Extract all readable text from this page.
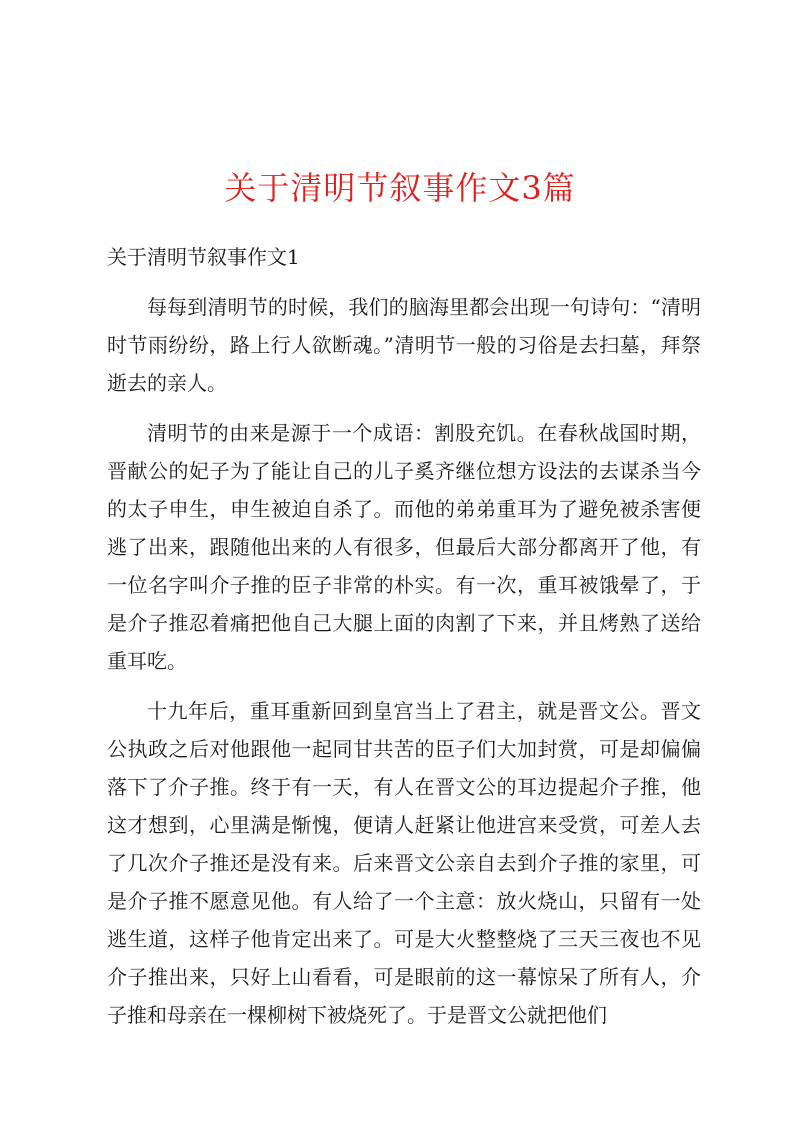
关于清明节叙事作文3篇
关于清明节叙事作文1

每每到清明节的时候，我们的脑海里都会出现一句诗句：“清明时节雨纷纷，路上行人欲断魂。”清明节一般的习俗是去扫墓，拜祭逝去的亲人。

清明节的由来是源于一个成语：割股充饥。在春秋战国时期，晋献公的妃子为了能让自己的儿子奚齐继位想方设法的去谋杀当今的太子申生，申生被迫自杀了。而他的弟弟重耳为了避免被杀害便逃了出来，跟随他出来的人有很多，但最后大部分都离开了他，有一位名字叫介子推的臣子非常的朴实。有一次，重耳被饿晕了，于是介子推忍着痛把他自己大腿上面的肉割了下来，并且烤熟了送给重耳吃。

十九年后，重耳重新回到皇宫当上了君主，就是晋文公。晋文公执政之后对他跟他一起同甘共苦的臣子们大加封赏，可是却偏偏落下了介子推。终于有一天，有人在晋文公的耳边提起介子推，他这才想到，心里满是惭愧，便请人赶紧让他进宫来受赏，可差人去了几次介子推还是没有来。后来晋文公亲自去到介子推的家里，可是介子推不愿意见他。有人给了一个主意：放火烧山，只留有一处逃生道，这样子他肯定出来了。可是大火整整烧了三天三夜也不见介子推出来，只好上山看看，可是眼前的这一幕惊呆了所有人，介子推和母亲在一棵柳树下被烧死了。于是晋文公就把他们
